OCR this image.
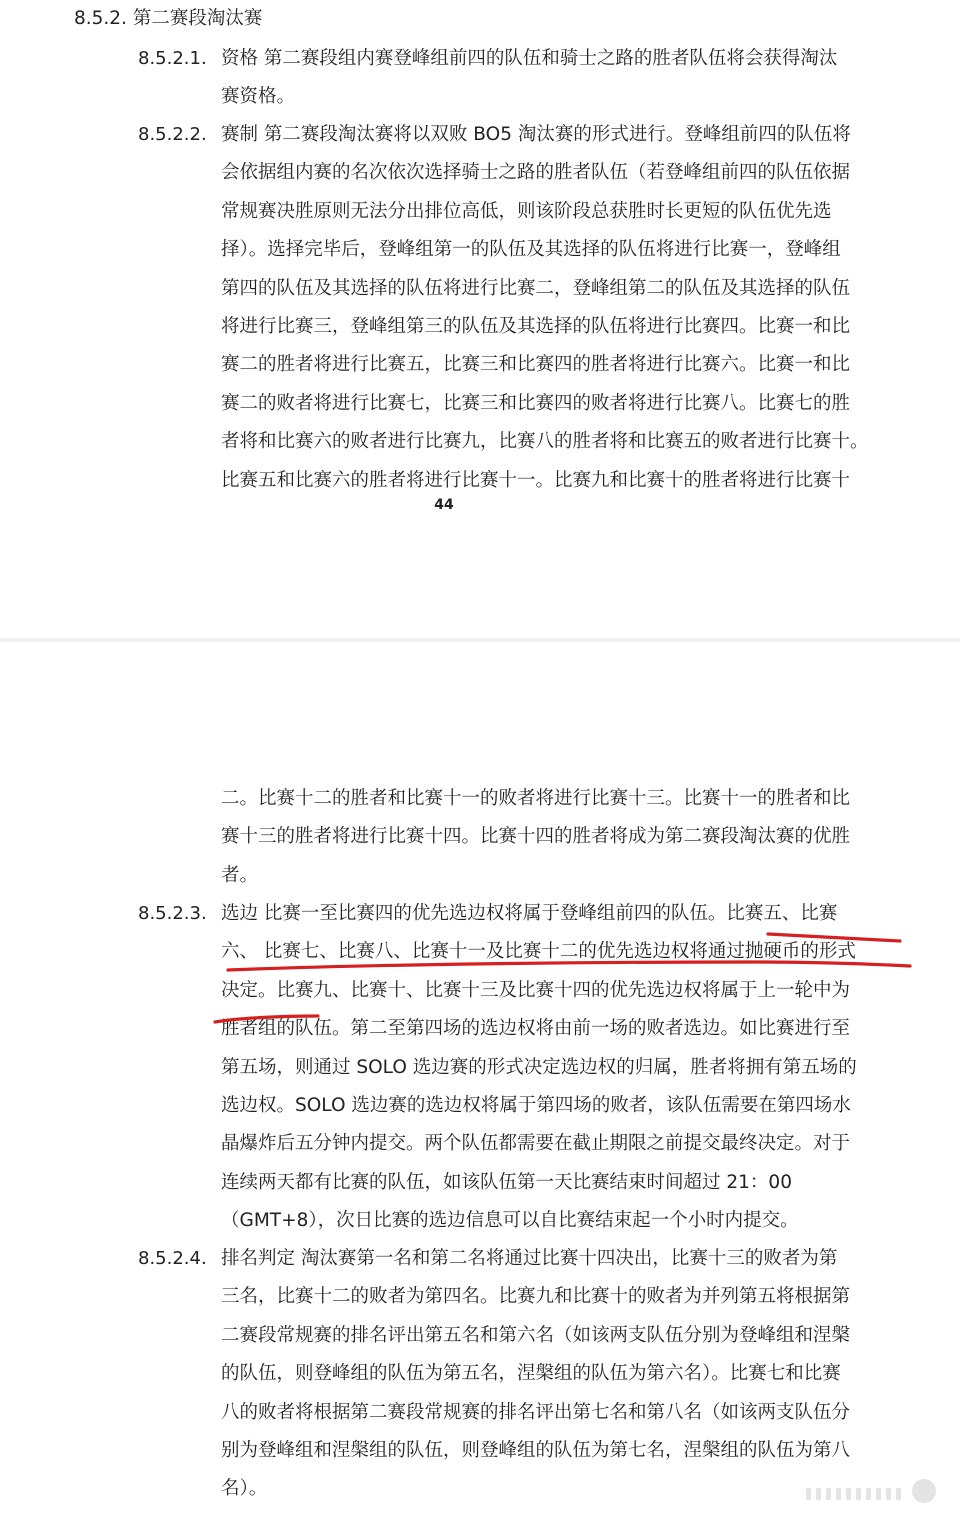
8.5.2. 第二赛段淘汰赛
8.5.2.1. 资格 第二赛段组内赛登峰组前四的队伍和骑士之路的胜者队伍将会获得淘汰
赛资格。
8.5.2.2. 赛制 第二赛段淘汰赛将以双败 BO5 淘汰赛的形式进行。登峰组前四的队伍将
会依据组内赛的名次依次选择骑士之路的胜者队伍（若登峰组前四的队伍依据
常规赛决胜原则无法分出排位高低，则该阶段总获胜时长更短的队伍优先选
择）。选择完毕后，登峰组第一的队伍及其选择的队伍将进行比赛一，登峰组
第四的队伍及其选择的队伍将进行比赛二，登峰组第二的队伍及其选择的队伍
将进行比赛三，登峰组第三的队伍及其选择的队伍将进行比赛四。比赛一和比
赛二的胜者将进行比赛五，比赛三和比赛四的胜者将进行比赛六。比赛一和比
赛二的败者将进行比赛七，比赛三和比赛四的败者将进行比赛八。比赛七的胜
者将和比赛六的败者进行比赛九，比赛八的胜者将和比赛五的败者进行比赛十。
比赛五和比赛六的胜者将进行比赛十一。比赛九和比赛十的胜者将进行比赛十
44
二。比赛十二的胜者和比赛十一的败者将进行比赛十三。比赛十一的胜者和比
赛十三的胜者将进行比赛十四。比赛十四的胜者将成为第二赛段淘汰赛的优胜
者。
8.5.2.3. 选边 比赛一至比赛四的优先选边权将属于登峰组前四的队伍。比赛五、比赛
六、 比赛七、比赛八、比赛十一及比赛十二的优先选边权将通过抛硬币的形式
决定。比赛九、比赛十、比赛十三及比赛十四的优先选边权将属于上一轮中为
胜者组的队伍。第二至第四场的选边权将由前一场的败者选边。如比赛进行至
第五场，则通过 SOLO 选边赛的形式决定选边权的归属，胜者将拥有第五场的
选边权。SOLO 选边赛的选边权将属于第四场的败者，该队伍需要在第四场水
晶爆炸后五分钟内提交。两个队伍都需要在截止期限之前提交最终决定。对于
连续两天都有比赛的队伍，如该队伍第一天比赛结束时间超过 21：00
（GMT+8），次日比赛的选边信息可以自比赛结束起一个小时内提交。
8.5.2.4. 排名判定 淘汰赛第一名和第二名将通过比赛十四决出，比赛十三的败者为第
三名，比赛十二的败者为第四名。比赛九和比赛十的败者为并列第五将根据第
二赛段常规赛的排名评出第五名和第六名（如该两支队伍分别为登峰组和涅槃
的队伍，则登峰组的队伍为第五名，涅槃组的队伍为第六名）。比赛七和比赛
八的败者将根据第二赛段常规赛的排名评出第七名和第八名（如该两支队伍分
别为登峰组和涅槃组的队伍，则登峰组的队伍为第七名，涅槃组的队伍为第八
名）。
